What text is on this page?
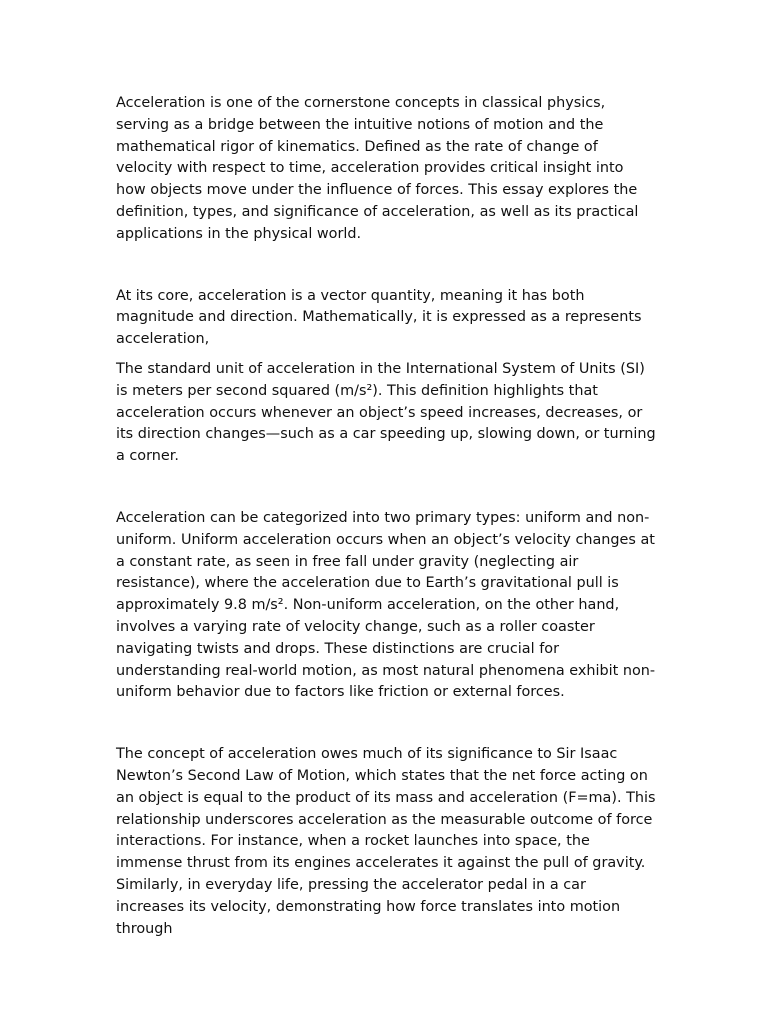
Acceleration is one of the cornerstone concepts in classical physics, serving as a bridge between the intuitive notions of motion and the mathematical rigor of kinematics. Defined as the rate of change of velocity with respect to time, acceleration provides critical insight into how objects move under the influence of forces. This essay explores the definition, types, and significance of acceleration, as well as its practical applications in the physical world.

At its core, acceleration is a vector quantity, meaning it has both magnitude and direction. Mathematically, it is expressed as a represents acceleration,

The standard unit of acceleration in the International System of Units (SI) is meters per second squared (m/s²). This definition highlights that acceleration occurs whenever an object’s speed increases, decreases, or its direction changes—such as a car speeding up, slowing down, or turning a corner.

Acceleration can be categorized into two primary types: uniform and non-uniform. Uniform acceleration occurs when an object’s velocity changes at a constant rate, as seen in free fall under gravity (neglecting air resistance), where the acceleration due to Earth’s gravitational pull is approximately 9.8 m/s². Non-uniform acceleration, on the other hand, involves a varying rate of velocity change, such as a roller coaster navigating twists and drops. These distinctions are crucial for understanding real-world motion, as most natural phenomena exhibit non-uniform behavior due to factors like friction or external forces.

The concept of acceleration owes much of its significance to Sir Isaac Newton’s Second Law of Motion, which states that the net force acting on an object is equal to the product of its mass and acceleration (F=ma). This relationship underscores acceleration as the measurable outcome of force interactions. For instance, when a rocket launches into space, the immense thrust from its engines accelerates it against the pull of gravity. Similarly, in everyday life, pressing the accelerator pedal in a car increases its velocity, demonstrating how force translates into motion through
